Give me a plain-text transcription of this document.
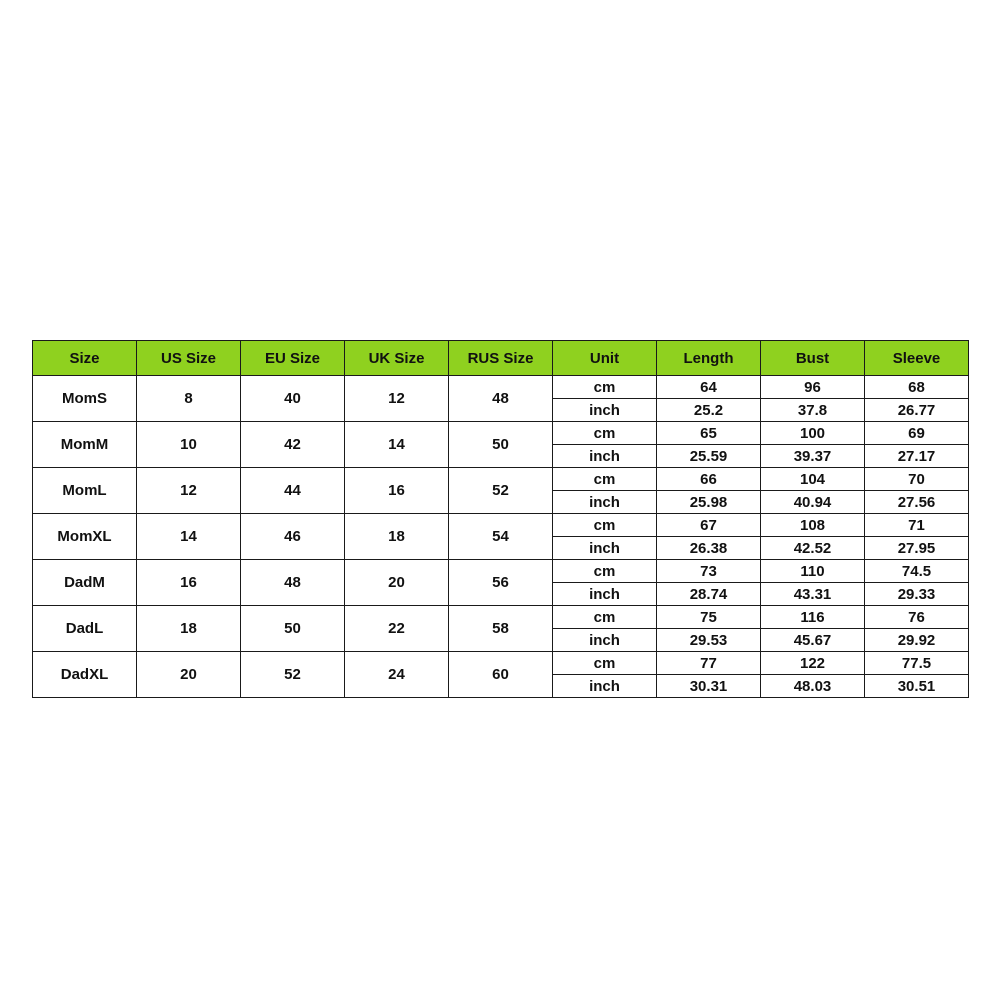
Size	US Size	EU Size	UK Size	RUS Size	Unit	Length	Bust	Sleeve
MomS	8	40	12	48	cm	64	96	68
					inch	25.2	37.8	26.77
MomM	10	42	14	50	cm	65	100	69
					inch	25.59	39.37	27.17
MomL	12	44	16	52	cm	66	104	70
					inch	25.98	40.94	27.56
MomXL	14	46	18	54	cm	67	108	71
					inch	26.38	42.52	27.95
DadM	16	48	20	56	cm	73	110	74.5
					inch	28.74	43.31	29.33
DadL	18	50	22	58	cm	75	116	76
					inch	29.53	45.67	29.92
DadXL	20	52	24	60	cm	77	122	77.5
					inch	30.31	48.03	30.51
